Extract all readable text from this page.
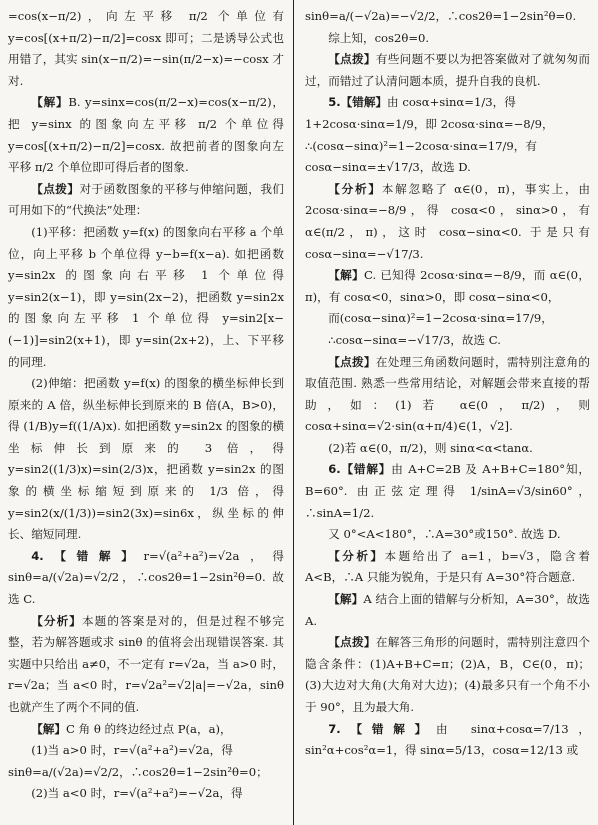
=cos(x−π/2)，向左平移 π/2 个单位有 y=cos[(x+π/2)−π/2]=cosx 即可；二是诱导公式也用错了，其实 sin(x−π/2)=−sin(π/2−x)=−cosx 才对.

【解】B. y=sinx=cos(π/2−x)=cos(x−π/2)，把 y=sinx 的图象向左平移 π/2 个单位得 y=cos[(x+π/2)−π/2]=cosx. 故把前者的图象向左平移 π/2 个单位即可得后者的图象.

【点拨】对于函数图象的平移与伸缩问题，我们可用如下的“代换法”处理：

(1)平移：把函数 y=f(x) 的图象向右平移 a 个单位，向上平移 b 个单位得 y−b=f(x−a). 如把函数 y=sin2x 的图象向右平移 1 个单位得 y=sin2(x−1)，即 y=sin(2x−2)，把函数 y=sin2x 的图象向左平移 1 个单位得 y=sin2[x−(−1)]=sin2(x+1)，即 y=sin(2x+2)，上、下平移的同理.

(2)伸缩：把函数 y=f(x) 的图象的横坐标伸长到原来的 A 倍，纵坐标伸长到原来的 B 倍(A，B>0)，得 (1/B)y=f((1/A)x). 如把函数 y=sin2x 的图象的横坐标伸长到原来的 3 倍，得 y=sin2((1/3)x)=sin(2/3)x，把函数 y=sin2x 的图象的横坐标缩短到原来的 1/3 倍，得 y=sin2(x/(1/3))=sin2(3x)=sin6x，纵坐标的伸长、缩短同理.

4.【错解】r=√(a²+a²)=√2a，得 sinθ=a/(√2a)=√2/2，∴cos2θ=1−2sin²θ=0. 故选 C.

【分析】本题的答案是对的，但是过程不够完整，若为解答题或求 sinθ 的值将会出现错误答案. 其实题中只给出 a≠0，不一定有 r=√2a，当 a>0 时，r=√2a；当 a<0 时，r=√2a²=√2|a|=−√2a，sinθ 也就产生了两个不同的值.

【解】C 角 θ 的终边经过点 P(a，a)，

(1)当 a>0 时，r=√(a²+a²)=√2a，得

sinθ=a/(√2a)=√2/2，∴cos2θ=1−2sin²θ=0；

(2)当 a<0 时，r=√(a²+a²)=−√2a，得

sinθ=a/(−√2a)=−√2/2，∴cos2θ=1−2sin²θ=0.

综上知，cos2θ=0.

【点拨】有些问题不要以为把答案做对了就匆匆而过，而错过了认清问题本质，提升自我的良机.

5.【错解】由 cosα+sinα=1/3，得

1+2cosα·sinα=1/9，即 2cosα·sinα=−8/9，

∴(cosα−sinα)²=1−2cosα·sinα=17/9，有

cosα−sinα=±√17/3，故选 D.

【分析】本解忽略了 α∈(0，π)，事实上，由 2cosα·sinα=−8/9，得 cosα<0，sinα>0，有 α∈(π/2，π)，这时 cosα−sinα<0. 于是只有 cosα−sinα=−√17/3.

【解】C. 已知得 2cosα·sinα=−8/9，而 α∈(0，π)，有 cosα<0，sinα>0，即 cosα−sinα<0，

而(cosα−sinα)²=1−2cosα·sinα=17/9，

∴cosα−sinα=−√17/3，故选 C.

【点拨】在处理三角函数问题时，需特别注意角的取值范围. 熟悉一些常用结论，对解题会带来直接的帮助，如：(1)若 α∈(0，π/2)，则 cosα+sinα=√2·sin(α+π/4)∈(1，√2].

(2)若 α∈(0，π/2)，则 sinα<α<tanα.

6.【错解】由 A+C=2B 及 A+B+C=180°知，B=60°. 由正弦定理得 1/sinA=√3/sin60°，∴sinA=1/2.

又 0°<A<180°，∴A=30°或150°. 故选 D.

【分析】本题给出了 a=1，b=√3，隐含着 A<B，∴A 只能为锐角，于是只有 A=30°符合题意.

【解】A 结合上面的错解与分析知，A=30°，故选 A.

【点拨】在解答三角形的问题时，需特别注意四个隐含条件：(1)A+B+C=π；(2)A，B，C∈(0，π)；(3)大边对大角(大角对大边)；(4)最多只有一个角不小于 90°，且为最大角.

7.【错解】由 sinα+cosα=7/13，sin²α+cos²α=1，得 sinα=5/13，cosα=12/13 或
